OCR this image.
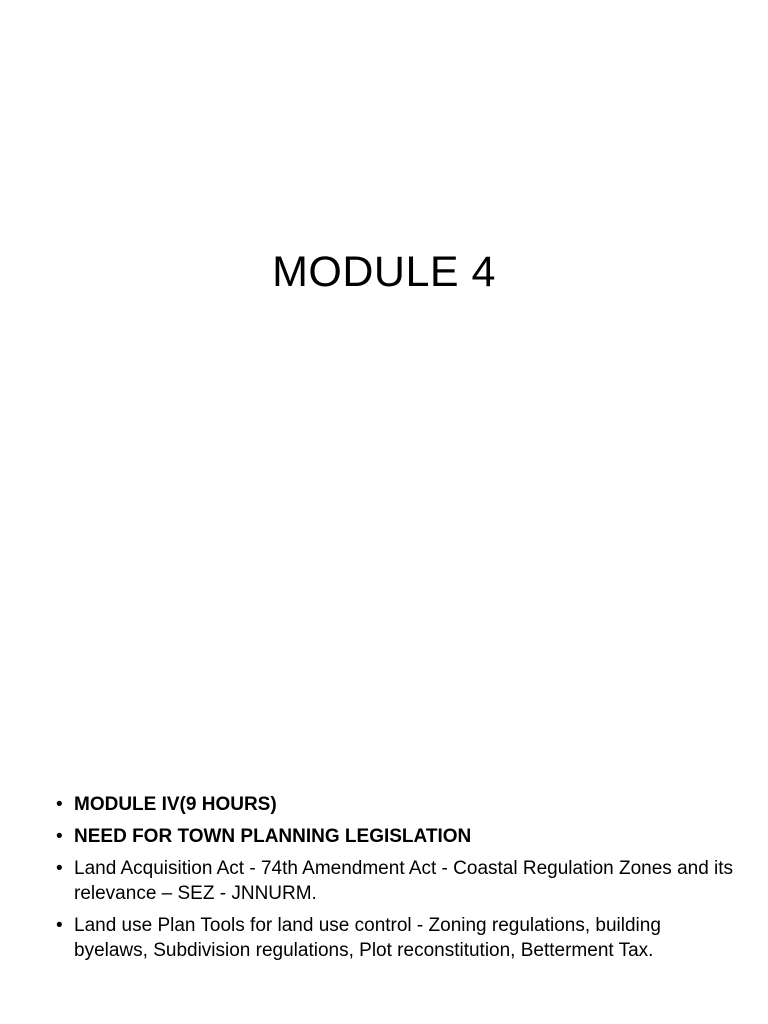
MODULE 4
• MODULE IV(9 HOURS)
• NEED FOR TOWN PLANNING LEGISLATION
• Land Acquisition Act - 74th Amendment Act - Coastal Regulation Zones and its relevance – SEZ - JNNURM.
• Land use Plan Tools for land use control - Zoning regulations, building byelaws, Subdivision regulations, Plot reconstitution, Betterment Tax.
